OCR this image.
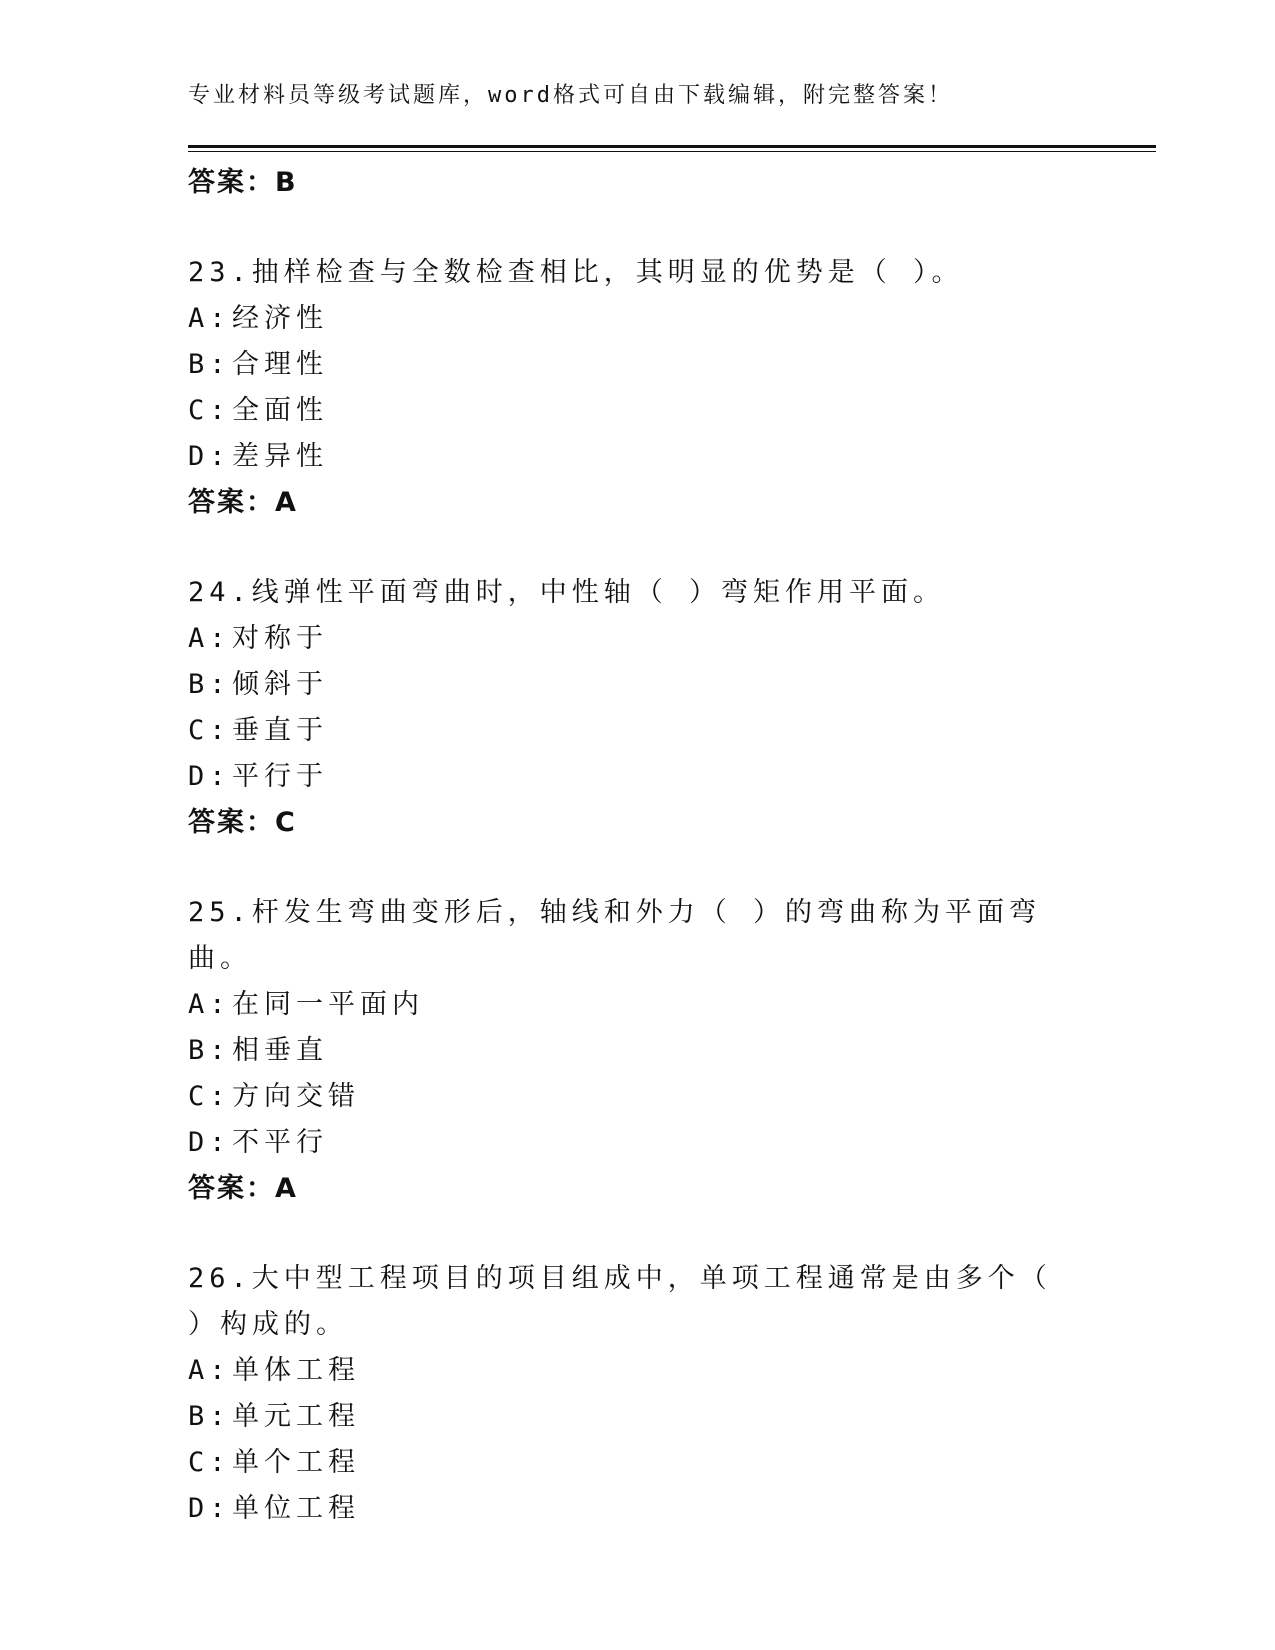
专业材料员等级考试题库，word格式可自由下载编辑，附完整答案！
答案：B
23.抽样检查与全数检查相比，其明显的优势是（ ）。
A:经济性
B:合理性
C:全面性
D:差异性
答案：A
24.线弹性平面弯曲时，中性轴（ ）弯矩作用平面。
A:对称于
B:倾斜于
C:垂直于
D:平行于
答案：C
25.杆发生弯曲变形后，轴线和外力（ ）的弯曲称为平面弯曲。
A:在同一平面内
B:相垂直
C:方向交错
D:不平行
答案：A
26.大中型工程项目的项目组成中，单项工程通常是由多个（ ）构成的。
A:单体工程
B:单元工程
C:单个工程
D:单位工程
